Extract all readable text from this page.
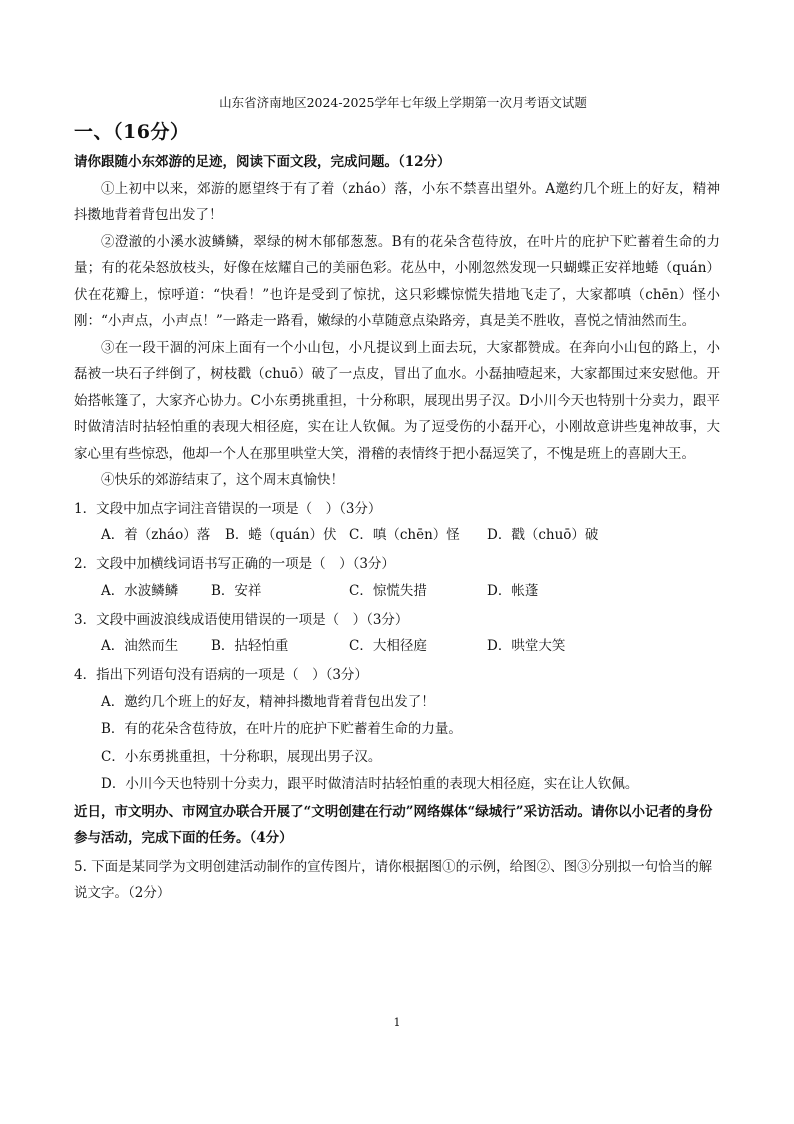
山东省济南地区2024-2025学年七年级上学期第一次月考语文试题
一、（16分）

请你跟随小东郊游的足迹，阅读下面文段，完成问题。（12分）

①上初中以来，郊游的愿望终于有了着（zháo）落，小东不禁喜出望外。A邀约几个班上的好友，精神抖擞地背着背包出发了！

②澄澈的小溪水波鳞鳞，翠绿的树木郁郁葱葱。B有的花朵含苞待放，在叶片的庇护下贮蓄着生命的力量；有的花朵怒放枝头，好像在炫耀自己的美丽色彩。花丛中，小刚忽然发现一只蝴蝶正安祥地蜷（quán）伏在花瓣上，惊呼道：“快看！”也许是受到了惊扰，这只彩蝶惊慌失措地飞走了，大家都嗔（chēn）怪小刚：“小声点，小声点！”一路走一路看，嫩绿的小草随意点染路旁，真是美不胜收，喜悦之情油然而生。

③在一段干涸的河床上面有一个小山包，小凡提议到上面去玩，大家都赞成。在奔向小山包的路上，小磊被一块石子绊倒了，树枝戳（chuō）破了一点皮，冒出了血水。小磊抽噎起来，大家都围过来安慰他。开始搭帐篷了，大家齐心协力。C小东勇挑重担，十分称职，展现出男子汉。D小川今天也特别十分卖力，跟平时做清洁时拈轻怕重的表现大相径庭，实在让人钦佩。为了逗受伤的小磊开心，小刚故意讲些鬼神故事，大家心里有些惊恐，他却一个人在那里哄堂大笑，滑稽的表情终于把小磊逗笑了，不愧是班上的喜剧大王。

④快乐的郊游结束了，这个周末真愉快！

1．文段中加点字词注音错误的一项是（　）（3分）

A．着（zháo）落	B．蜷（quán）伏 C．嗔（chēn）怪	D．戳（chuō）破

2．文段中加横线词语书写正确的一项是（　）（3分）

A．水波鳞鳞	B．安祥	C．惊慌失措	D．帐蓬

3．文段中画波浪线成语使用错误的一项是（　）（3分）

A．油然而生	B．拈轻怕重	C．大相径庭	D．哄堂大笑

4．指出下列语句没有语病的一项是（　）（3分）

A．邀约几个班上的好友，精神抖擞地背着背包出发了！
B．有的花朵含苞待放，在叶片的庇护下贮蓄着生命的力量。
C．小东勇挑重担，十分称职，展现出男子汉。
D．小川今天也特别十分卖力，跟平时做清洁时拈轻怕重的表现大相径庭，实在让人钦佩。

近日，市文明办、市网宜办联合开展了“文明创建在行动”网络媒体“绿城行”采访活动。请你以小记者的身份参与活动，完成下面的任务。（4分）

5. 下面是某同学为文明创建活动制作的宣传图片，请你根据图①的示例，给图②、图③分别拟一句恰当的解说文字。（2分）

1
